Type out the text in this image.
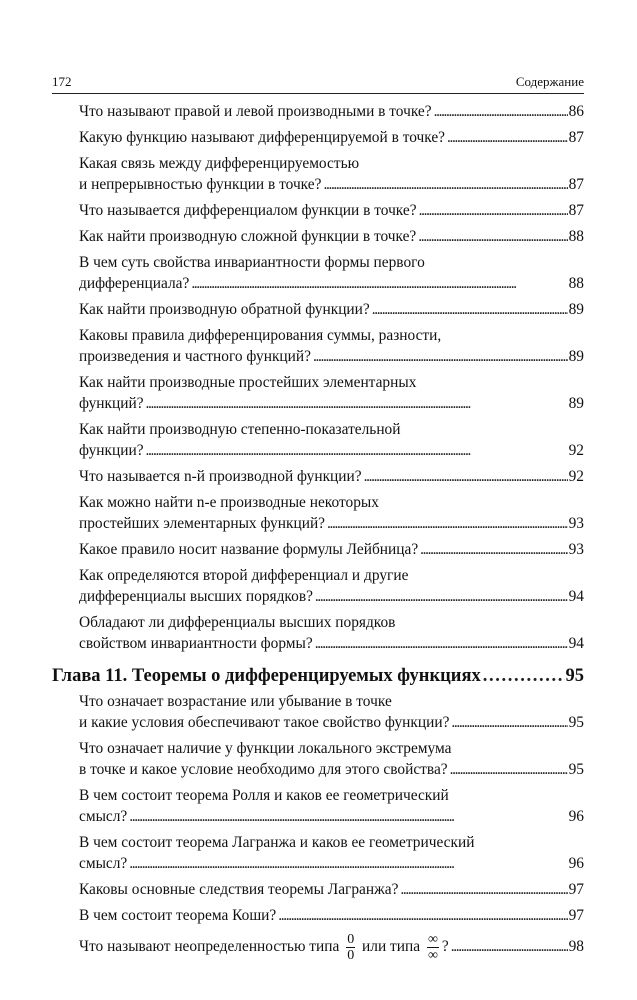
172	Содержание
Что называют правой и левой производными в точке? . . .	86
Какую функцию называют дифференцируемой в точке? . . .	87
Какая связь между дифференцируемостью
и непрерывностью функции в точке? . . .	87
Что называется дифференциалом функции в точке? . . .	87
Как найти производную сложной функции в точке? . . .	88
В чем суть свойства инвариантности формы первого
дифференциала? . . .	88
Как найти производную обратной функции? . . .	89
Каковы правила дифференцирования суммы, разности,
произведения и частного функций? . . .	89
Как найти производные простейших элементарных
функций? . . .	89
Как найти производную степенно-показательной
функции? . . .	92
Что называется n-й производной функции? . . .	92
Как можно найти n-е производные некоторых
простейших элементарных функций? . . .	93
Какое правило носит название формулы Лейбница? . . .	93
Как определяются второй дифференциал и другие
дифференциалы высших порядков? . . .	94
Обладают ли дифференциалы высших порядков
свойством инвариантности формы? . . .	94
Глава 11. Теоремы о дифференцируемых функциях . . .	95
Что означает возрастание или убывание в точке
и какие условия обеспечивают такое свойство функции? . . .	95
Что означает наличие у функции локального экстремума
в точке и какое условие необходимо для этого свойства? . . .	95
В чем состоит теорема Ролля и каков ее геометрический
смысл? . . .	96
В чем состоит теорема Лагранжа и каков ее геометрический
смысл? . . .	96
Каковы основные следствия теоремы Лагранжа? . . .	97
В чем состоит теорема Коши? . . .	97
Что называют неопределенностью типа $\frac{0}{0}$ или типа $\frac{\infty}{\infty}$ ? . . .	98
